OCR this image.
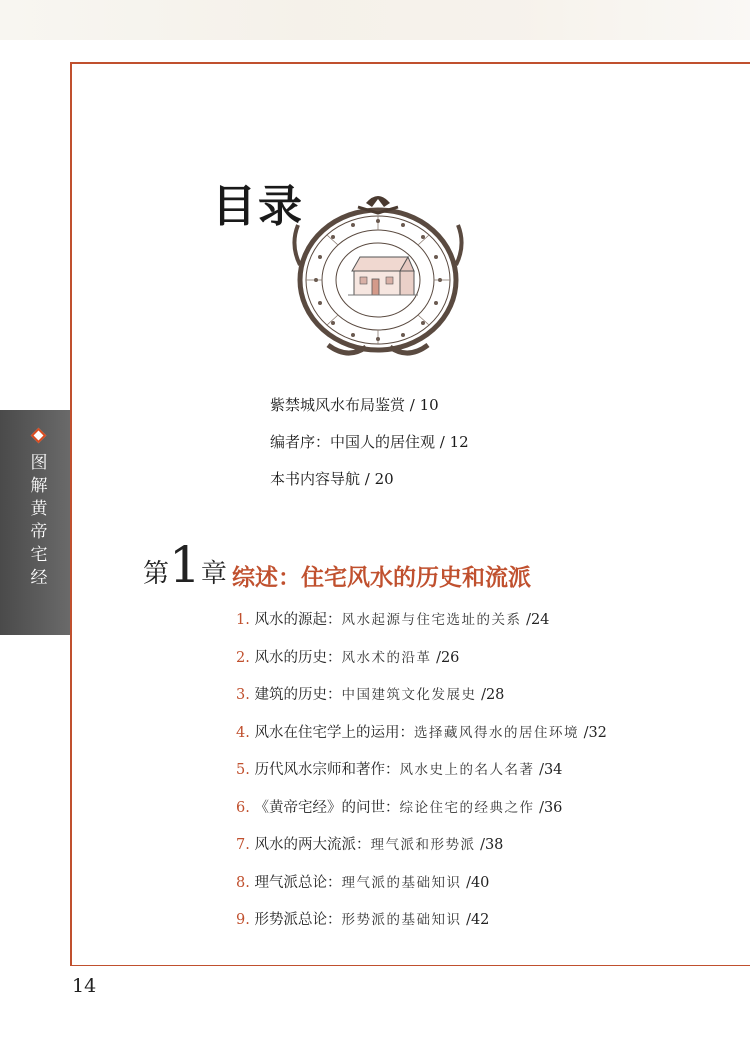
图解黄帝宅经
目录
紫禁城风水布局鉴赏 / 10
编者序：中国人的居住观 / 12
本书内容导航 / 20
第1章 综述：住宅风水的历史和流派
1. 风水的源起：风水起源与住宅选址的关系 /24
2. 风水的历史：风水术的沿革 /26
3. 建筑的历史：中国建筑文化发展史 /28
4. 风水在住宅学上的运用：选择藏风得水的居住环境 /32
5. 历代风水宗师和著作：风水史上的名人名著 /34
6. 《黄帝宅经》的问世：综论住宅的经典之作 /36
7. 风水的两大流派：理气派和形势派 /38
8. 理气派总论：理气派的基础知识 /40
9. 形势派总论：形势派的基础知识 /42
14
